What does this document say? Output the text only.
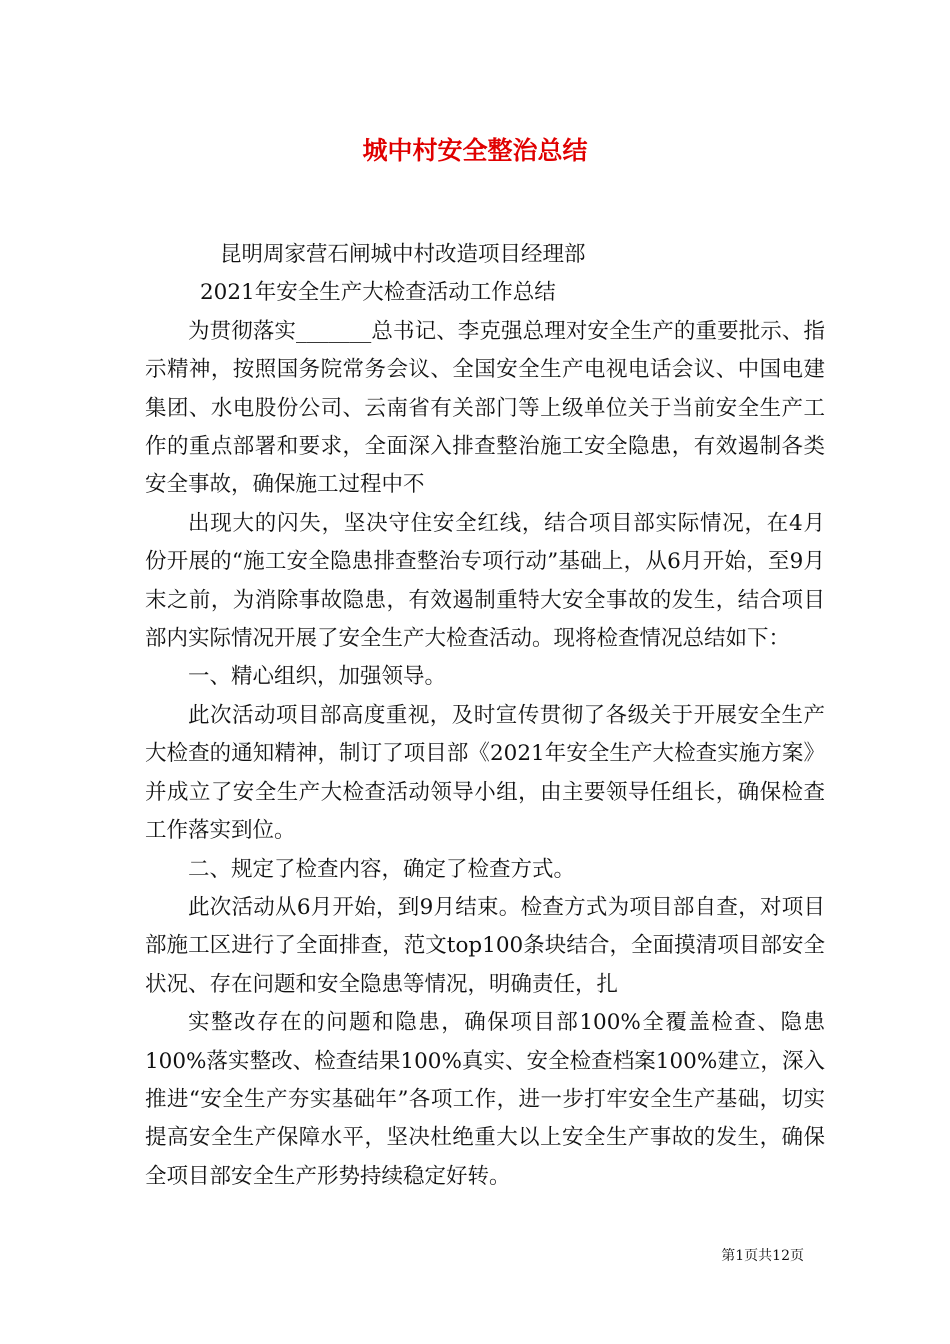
城中村安全整治总结

昆明周家营石闸城中村改造项目经理部

2021年安全生产大检查活动工作总结

为贯彻落实_______总书记、李克强总理对安全生产的重要批示、指示精神，按照国务院常务会议、全国安全生产电视电话会议、中国电建集团、水电股份公司、云南省有关部门等上级单位关于当前安全生产工作的重点部署和要求，全面深入排查整治施工安全隐患，有效遏制各类安全事故，确保施工过程中不

出现大的闪失，坚决守住安全红线，结合项目部实际情况，在4月份开展的“施工安全隐患排查整治专项行动”基础上，从6月开始，至9月末之前，为消除事故隐患，有效遏制重特大安全事故的发生，结合项目部内实际情况开展了安全生产大检查活动。现将检查情况总结如下：

一、精心组织，加强领导。

此次活动项目部高度重视，及时宣传贯彻了各级关于开展安全生产大检查的通知精神，制订了项目部《2021年安全生产大检查实施方案》并成立了安全生产大检查活动领导小组，由主要领导任组长，确保检查工作落实到位。

二、规定了检查内容，确定了检查方式。

此次活动从6月开始，到9月结束。检查方式为项目部自查，对项目部施工区进行了全面排查，范文top100条块结合，全面摸清项目部安全状况、存在问题和安全隐患等情况，明确责任，扎

实整改存在的问题和隐患，确保项目部100%全覆盖检查、隐患100%落实整改、检查结果100%真实、安全检查档案100%建立，深入推进“安全生产夯实基础年”各项工作，进一步打牢安全生产基础，切实提高安全生产保障水平，坚决杜绝重大以上安全生产事故的发生，确保全项目部安全生产形势持续稳定好转。

第1页共12页
